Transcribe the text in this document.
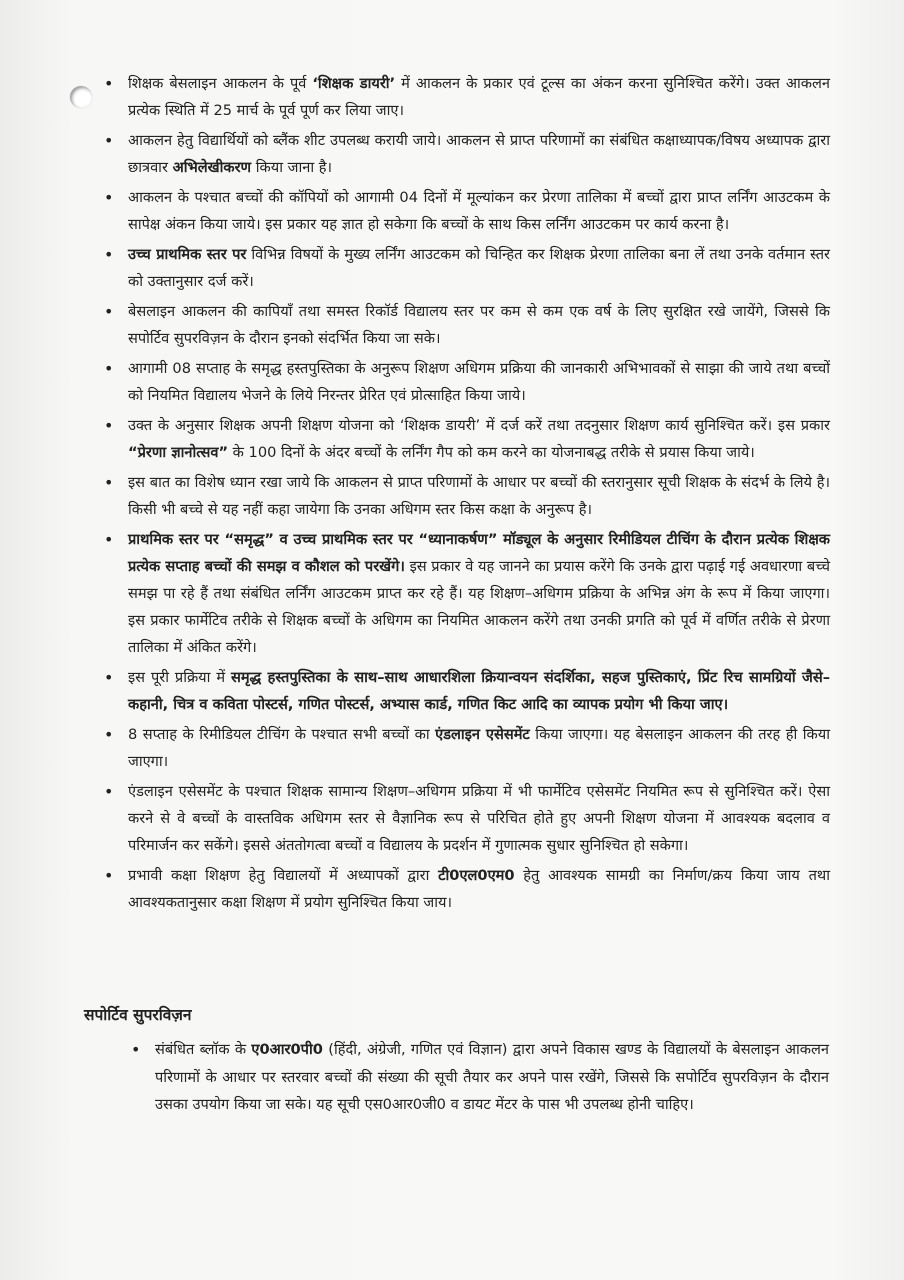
• शिक्षक बेसलाइन आकलन के पूर्व ‘शिक्षक डायरी’ में आकलन के प्रकार एवं टूल्स का अंकन करना सुनिश्चित करेंगे। उक्त आकलन प्रत्येक स्थिति में 25 मार्च के पूर्व पूर्ण कर लिया जाए।
• आकलन हेतु विद्यार्थियों को ब्लैंक शीट उपलब्ध करायी जाये। आकलन से प्राप्त परिणामों का संबंधित कक्षाध्यापक/विषय अध्यापक द्वारा छात्रवार अभिलेखीकरण किया जाना है।
• आकलन के पश्चात बच्चों की कॉपियों को आगामी 04 दिनों में मूल्यांकन कर प्रेरणा तालिका में बच्चों द्वारा प्राप्त लर्निंग आउटकम के सापेक्ष अंकन किया जाये। इस प्रकार यह ज्ञात हो सकेगा कि बच्चों के साथ किस लर्निंग आउटकम पर कार्य करना है।
• उच्च प्राथमिक स्तर पर विभिन्न विषयों के मुख्य लर्निंग आउटकम को चिन्हित कर शिक्षक प्रेरणा तालिका बना लें तथा उनके वर्तमान स्तर को उक्तानुसार दर्ज करें।
• बेसलाइन आकलन की कापियाँ तथा समस्त रिकॉर्ड विद्यालय स्तर पर कम से कम एक वर्ष के लिए सुरक्षित रखे जायेंगे, जिससे कि सपोर्टिव सुपरविज़न के दौरान इनको संदर्भित किया जा सके।
• आगामी 08 सप्ताह के समृद्ध हस्तपुस्तिका के अनुरूप शिक्षण अधिगम प्रक्रिया की जानकारी अभिभावकों से साझा की जाये तथा बच्चों को नियमित विद्यालय भेजने के लिये निरन्तर प्रेरित एवं प्रोत्साहित किया जाये।
• उक्त के अनुसार शिक्षक अपनी शिक्षण योजना को ‘शिक्षक डायरी’ में दर्ज करें तथा तदनुसार शिक्षण कार्य सुनिश्चित करें। इस प्रकार “प्रेरणा ज्ञानोत्सव” के 100 दिनों के अंदर बच्चों के लर्निंग गैप को कम करने का योजनाबद्ध तरीके से प्रयास किया जाये।
• इस बात का विशेष ध्यान रखा जाये कि आकलन से प्राप्त परिणामों के आधार पर बच्चों की स्तरानुसार सूची शिक्षक के संदर्भ के लिये है। किसी भी बच्चे से यह नहीं कहा जायेगा कि उनका अधिगम स्तर किस कक्षा के अनुरूप है।
• प्राथमिक स्तर पर “समृद्ध” व उच्च प्राथमिक स्तर पर “ध्यानाकर्षण” मॉड्यूल के अनुसार रिमीडियल टीचिंग के दौरान प्रत्येक शिक्षक प्रत्येक सप्ताह बच्चों की समझ व कौशल को परखेंगे। इस प्रकार वे यह जानने का प्रयास करेंगे कि उनके द्वारा पढ़ाई गई अवधारणा बच्चे समझ पा रहे हैं तथा संबंधित लर्निंग आउटकम प्राप्त कर रहे हैं। यह शिक्षण–अधिगम प्रक्रिया के अभिन्न अंग के रूप में किया जाएगा। इस प्रकार फार्मेटिव तरीके से शिक्षक बच्चों के अधिगम का नियमित आकलन करेंगे तथा उनकी प्रगति को पूर्व में वर्णित तरीके से प्रेरणा तालिका में अंकित करेंगे।
• इस पूरी प्रक्रिया में समृद्ध हस्तपुस्तिका के साथ–साथ आधारशिला क्रियान्वयन संदर्शिका, सहज पुस्तिकाएं, प्रिंट रिच सामग्रियों जैसे– कहानी, चित्र व कविता पोस्टर्स, गणित पोस्टर्स, अभ्यास कार्ड, गणित किट आदि का व्यापक प्रयोग भी किया जाए।
• 8 सप्ताह के रिमीडियल टीचिंग के पश्चात सभी बच्चों का एंडलाइन एसेसमेंट किया जाएगा। यह बेसलाइन आकलन की तरह ही किया जाएगा।
• एंडलाइन एसेसमेंट के पश्चात शिक्षक सामान्य शिक्षण–अधिगम प्रक्रिया में भी फार्मेटिव एसेसमेंट नियमित रूप से सुनिश्चित करें। ऐसा करने से वे बच्चों के वास्तविक अधिगम स्तर से वैज्ञानिक रूप से परिचित होते हुए अपनी शिक्षण योजना में आवश्यक बदलाव व परिमार्जन कर सकेंगे। इससे अंततोगत्वा बच्चों व विद्यालय के प्रदर्शन में गुणात्मक सुधार सुनिश्चित हो सकेगा।
• प्रभावी कक्षा शिक्षण हेतु विद्यालयों में अध्यापकों द्वारा टी0एल0एम0 हेतु आवश्यक सामग्री का निर्माण/क्रय किया जाय तथा आवश्यकतानुसार कक्षा शिक्षण में प्रयोग सुनिश्चित किया जाय।
सपोर्टिव सुपरविज़न
• संबंधित ब्लॉक के ए0आर0पी0 (हिंदी, अंग्रेजी, गणित एवं विज्ञान) द्वारा अपने विकास खण्ड के विद्यालयों के बेसलाइन आकलन परिणामों के आधार पर स्तरवार बच्चों की संख्या की सूची तैयार कर अपने पास रखेंगे, जिससे कि सपोर्टिव सुपरविज़न के दौरान उसका उपयोग किया जा सके। यह सूची एस0आर0जी0 व डायट मेंटर के पास भी उपलब्ध होनी चाहिए।
